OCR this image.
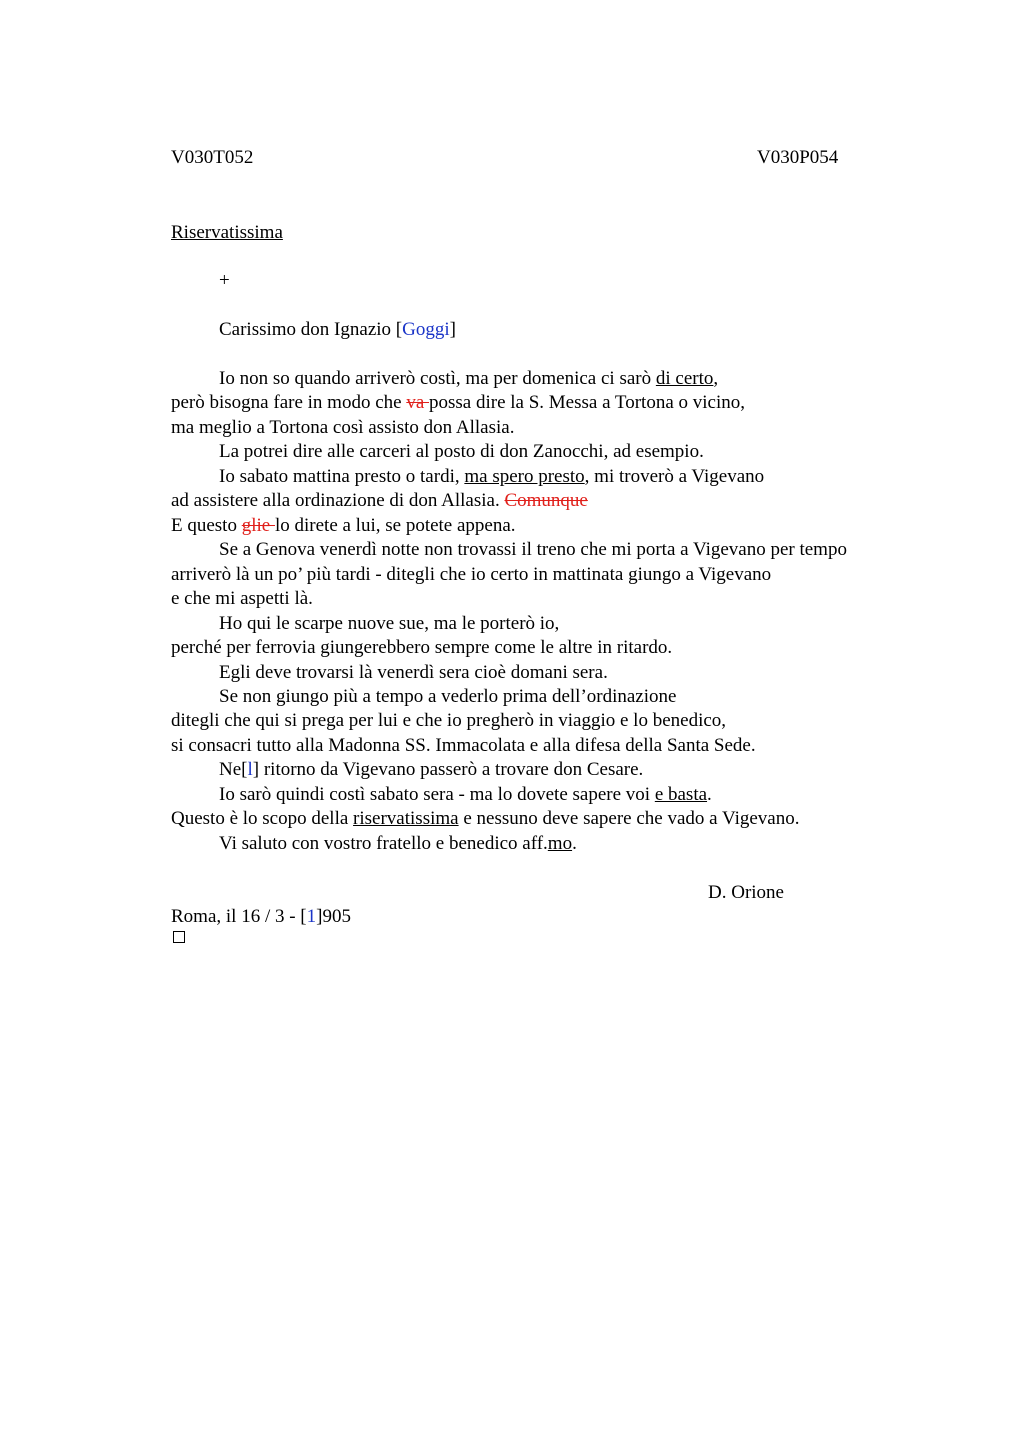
V030T052	V030P054
Riservatissima
+
Carissimo don Ignazio [Goggi]
Io non so quando arriverò costì, ma per domenica ci sarò di certo,
però bisogna fare in modo che va possa dire la S. Messa a Tortona o vicino,
ma meglio a Tortona così assisto don Allasia.
La potrei dire alle carceri al posto di don Zanocchi, ad esempio.
Io sabato mattina presto o tardi, ma spero presto, mi troverò a Vigevano
ad assistere alla ordinazione di don Allasia. Comunque
E questo glie lo direte a lui, se potete appena.
Se a Genova venerdì notte non trovassi il treno che mi porta a Vigevano per tempo
arriverò là un po’ più tardi - ditegli che io certo in mattinata giungo a Vigevano
e che mi aspetti là.
Ho qui le scarpe nuove sue, ma le porterò io,
perché per ferrovia giungerebbero sempre come le altre in ritardo.
Egli deve trovarsi là venerdì sera cioè domani sera.
Se non giungo più a tempo a vederlo prima dell’ordinazione
ditegli che qui si prega per lui e che io pregherò in viaggio e lo benedico,
si consacri tutto alla Madonna SS. Immacolata e alla difesa della Santa Sede.
Ne[l] ritorno da Vigevano passerò a trovare don Cesare.
Io sarò quindi costì sabato sera - ma lo dovete sapere voi e basta.
Questo è lo scopo della riservatissima e nessuno deve sapere che vado a Vigevano.
Vi saluto con vostro fratello e benedico aff.mo.
D. Orione
Roma, il 16 / 3 - [1]905
